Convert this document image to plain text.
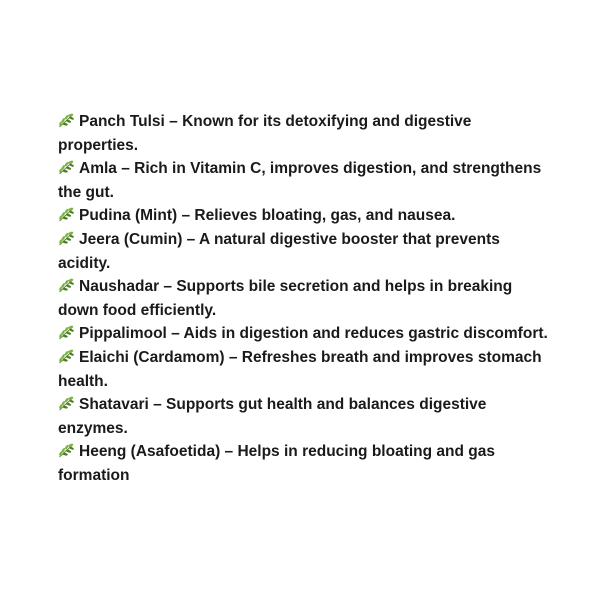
Panch Tulsi – Known for its detoxifying and digestive properties.
Amla – Rich in Vitamin C, improves digestion, and strengthens the gut.
Pudina (Mint) – Relieves bloating, gas, and nausea.
Jeera (Cumin) – A natural digestive booster that prevents acidity.
Naushadar – Supports bile secretion and helps in breaking down food efficiently.
Pippalimool – Aids in digestion and reduces gastric discomfort.
Elaichi (Cardamom) – Refreshes breath and improves stomach health.
Shatavari – Supports gut health and balances digestive enzymes.
Heeng (Asafoetida) – Helps in reducing bloating and gas formation
